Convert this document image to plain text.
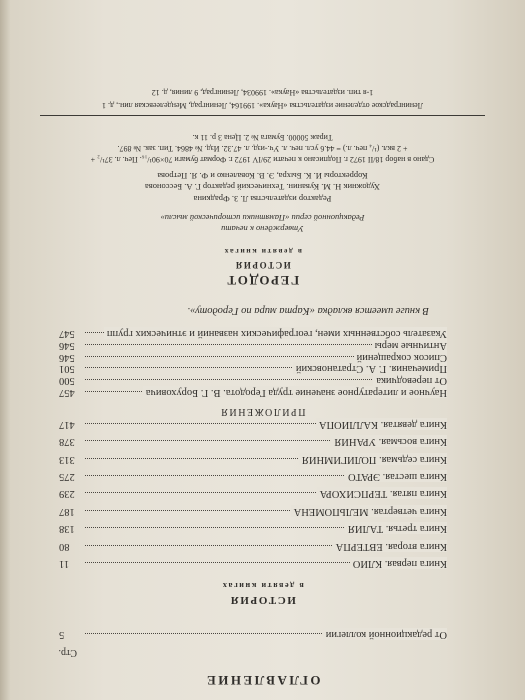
ОГЛАВЛЕНИЕ
Стр.
От редакционной коллегии
5
ИСТОРИЯ
в девяти книгах
Книга первая. КЛИО
11
Книга вторая. ЕВТЕРПА
80
Книга третья. ТАЛИЯ
138
Книга четвертая. МЕЛЬПОМЕНА
187
Книга пятая. ТЕРПСИХОРА
239
Книга шестая. ЭРАТО
275
Книга седьмая. ПОЛИГИМНИЯ
313
Книга восьмая. УРАНИЯ
378
Книга девятая. КАЛЛИОПА
417
ПРИЛОЖЕНИЯ
Научное и литературное значение труда Геродота. В. Г. Боруховича
457
От переводчика
500
Примечания. Г. А. Стратановский
501
Список сокращений
546
Античные меры
546
Указатель собственных имен, географических названий и этнических групп
547
В книге имеется вкладка «Карта мира по Геродоту».
ГЕРОДОТ
ИСТОРИЯ
в девяти книгах
Утверждено к печати
Редакционной серии «Памятники исторической мысли»
Редактор издательства Л. З. Фрадкина
Художник Н. М. Куванин. Технический редактор Г. А. Бессонова
Корректоры И. К. Быхра, Э. В. Коваленко и Ф. Я. Петрова
Сдано в набор 18/II 1972 г. Подписано к печати 29/IV 1972 г. Формат бумаги 70×90¹/₁₆. Печ. л. 37¹/₂ +
+ 2 вкл. (¹/₄ печ. л.) = 44.6 усл. печ. л. Уч.-изд. л. 47.32. Изд. № 4864. Тип. зак. № 897.
Тираж 50000. Бумага № 2. Цена 3 р. 11 к.
Ленинградское отделение издательства «Наука». 199164, Ленинград, Менделеевская лин., д. 1
1-я тип. издательства «Наука». 199034, Ленинград, 9 линия, д. 12
